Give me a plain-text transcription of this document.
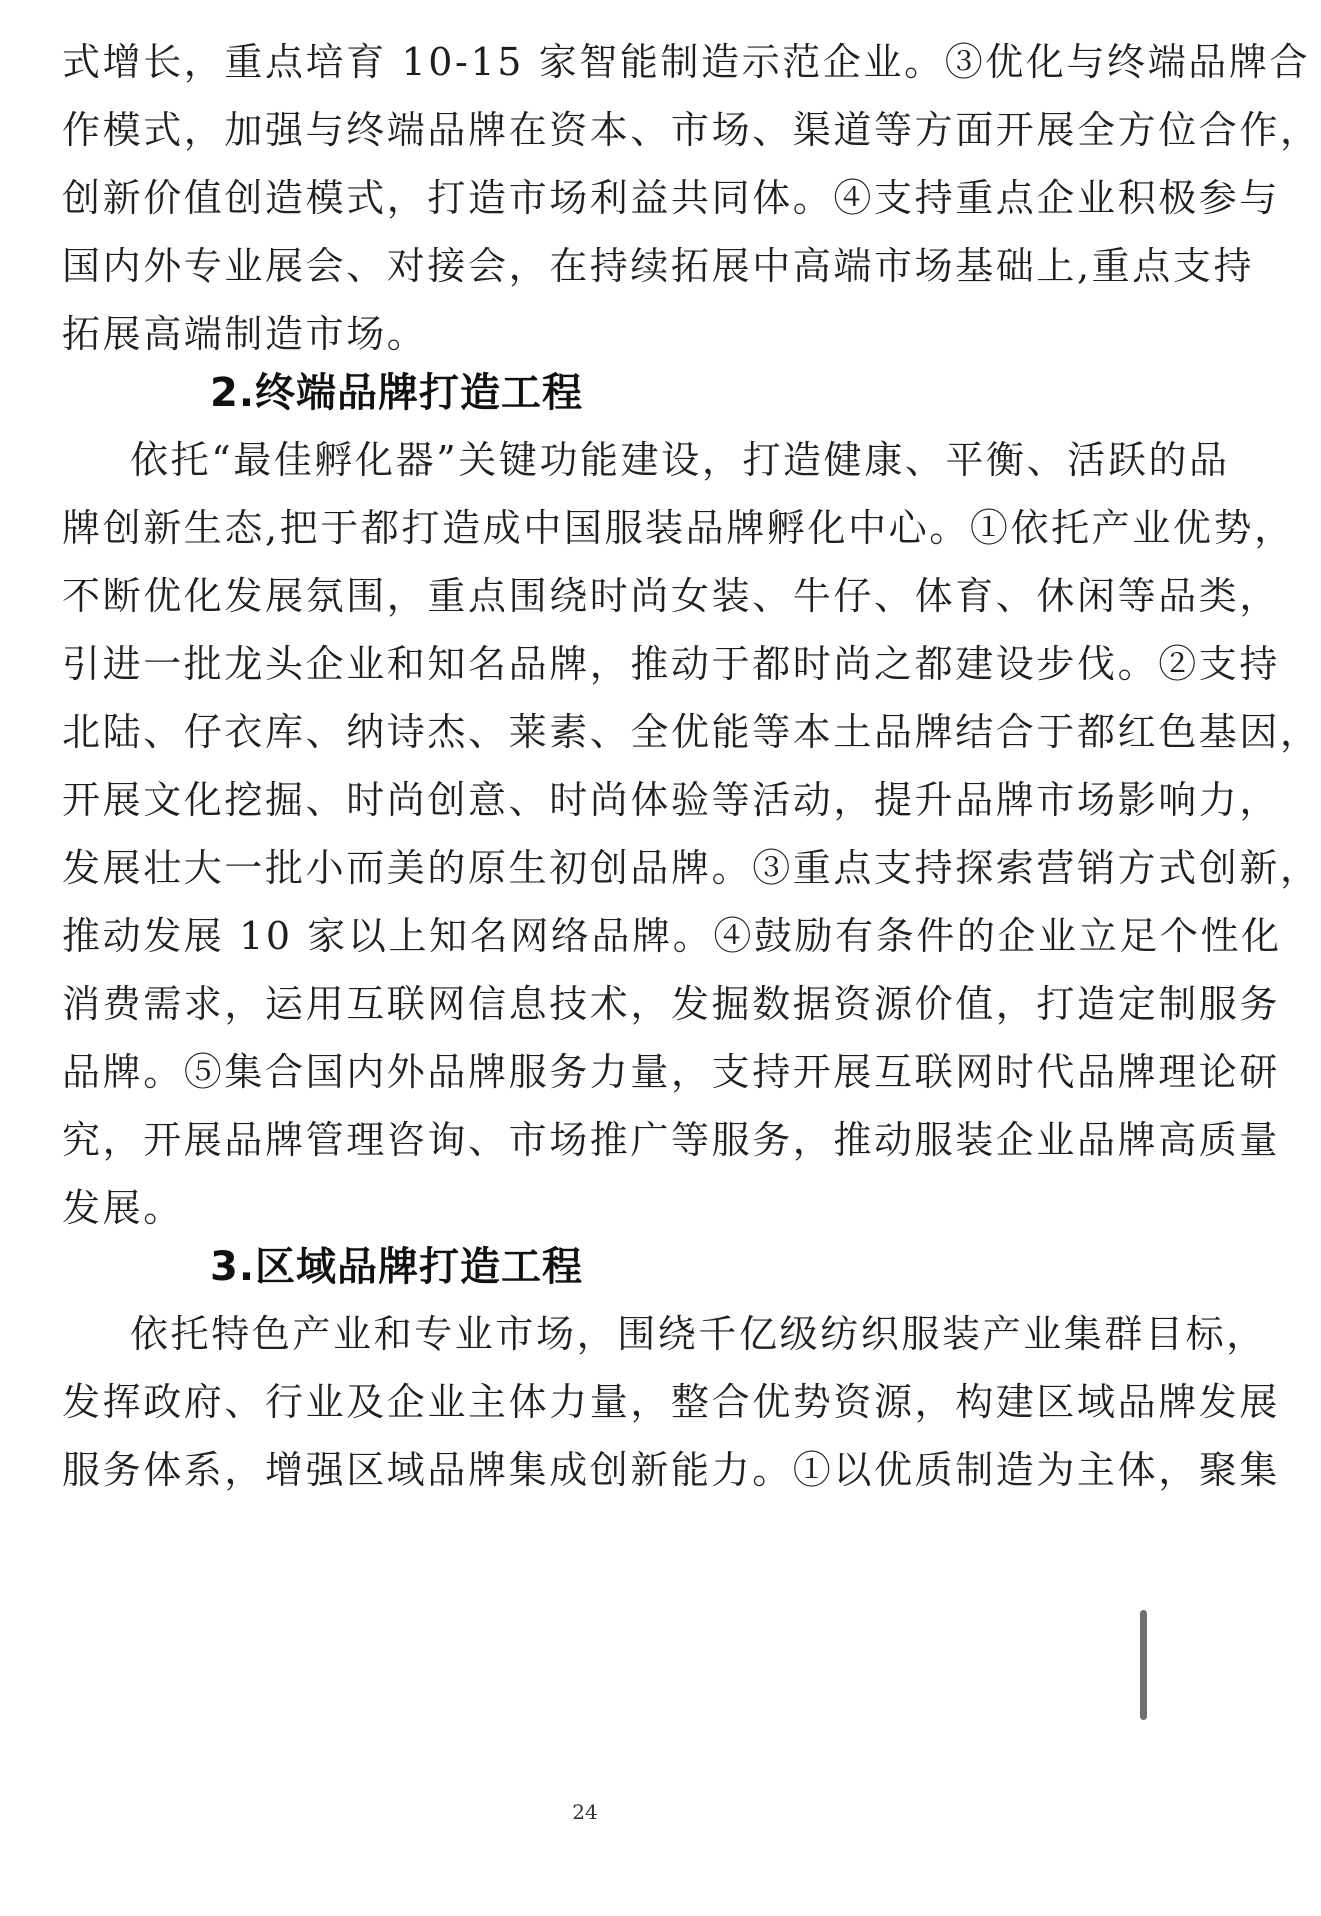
式增长，重点培育 10-15 家智能制造示范企业。③优化与终端品牌合
作模式，加强与终端品牌在资本、市场、渠道等方面开展全方位合作，
创新价值创造模式，打造市场利益共同体。④支持重点企业积极参与
国内外专业展会、对接会，在持续拓展中高端市场基础上,重点支持
拓展高端制造市场。
2.终端品牌打造工程
依托“最佳孵化器”关键功能建设，打造健康、平衡、活跃的品
牌创新生态,把于都打造成中国服装品牌孵化中心。①依托产业优势，
不断优化发展氛围，重点围绕时尚女装、牛仔、体育、休闲等品类，
引进一批龙头企业和知名品牌，推动于都时尚之都建设步伐。②支持
北陆、仔衣库、纳诗杰、莱素、全优能等本土品牌结合于都红色基因，
开展文化挖掘、时尚创意、时尚体验等活动，提升品牌市场影响力，
发展壮大一批小而美的原生初创品牌。③重点支持探索营销方式创新，
推动发展 10 家以上知名网络品牌。④鼓励有条件的企业立足个性化
消费需求，运用互联网信息技术，发掘数据资源价值，打造定制服务
品牌。⑤集合国内外品牌服务力量，支持开展互联网时代品牌理论研
究，开展品牌管理咨询、市场推广等服务，推动服装企业品牌高质量
发展。
3.区域品牌打造工程
依托特色产业和专业市场，围绕千亿级纺织服装产业集群目标，
发挥政府、行业及企业主体力量，整合优势资源，构建区域品牌发展
服务体系，增强区域品牌集成创新能力。①以优质制造为主体，聚集
24
